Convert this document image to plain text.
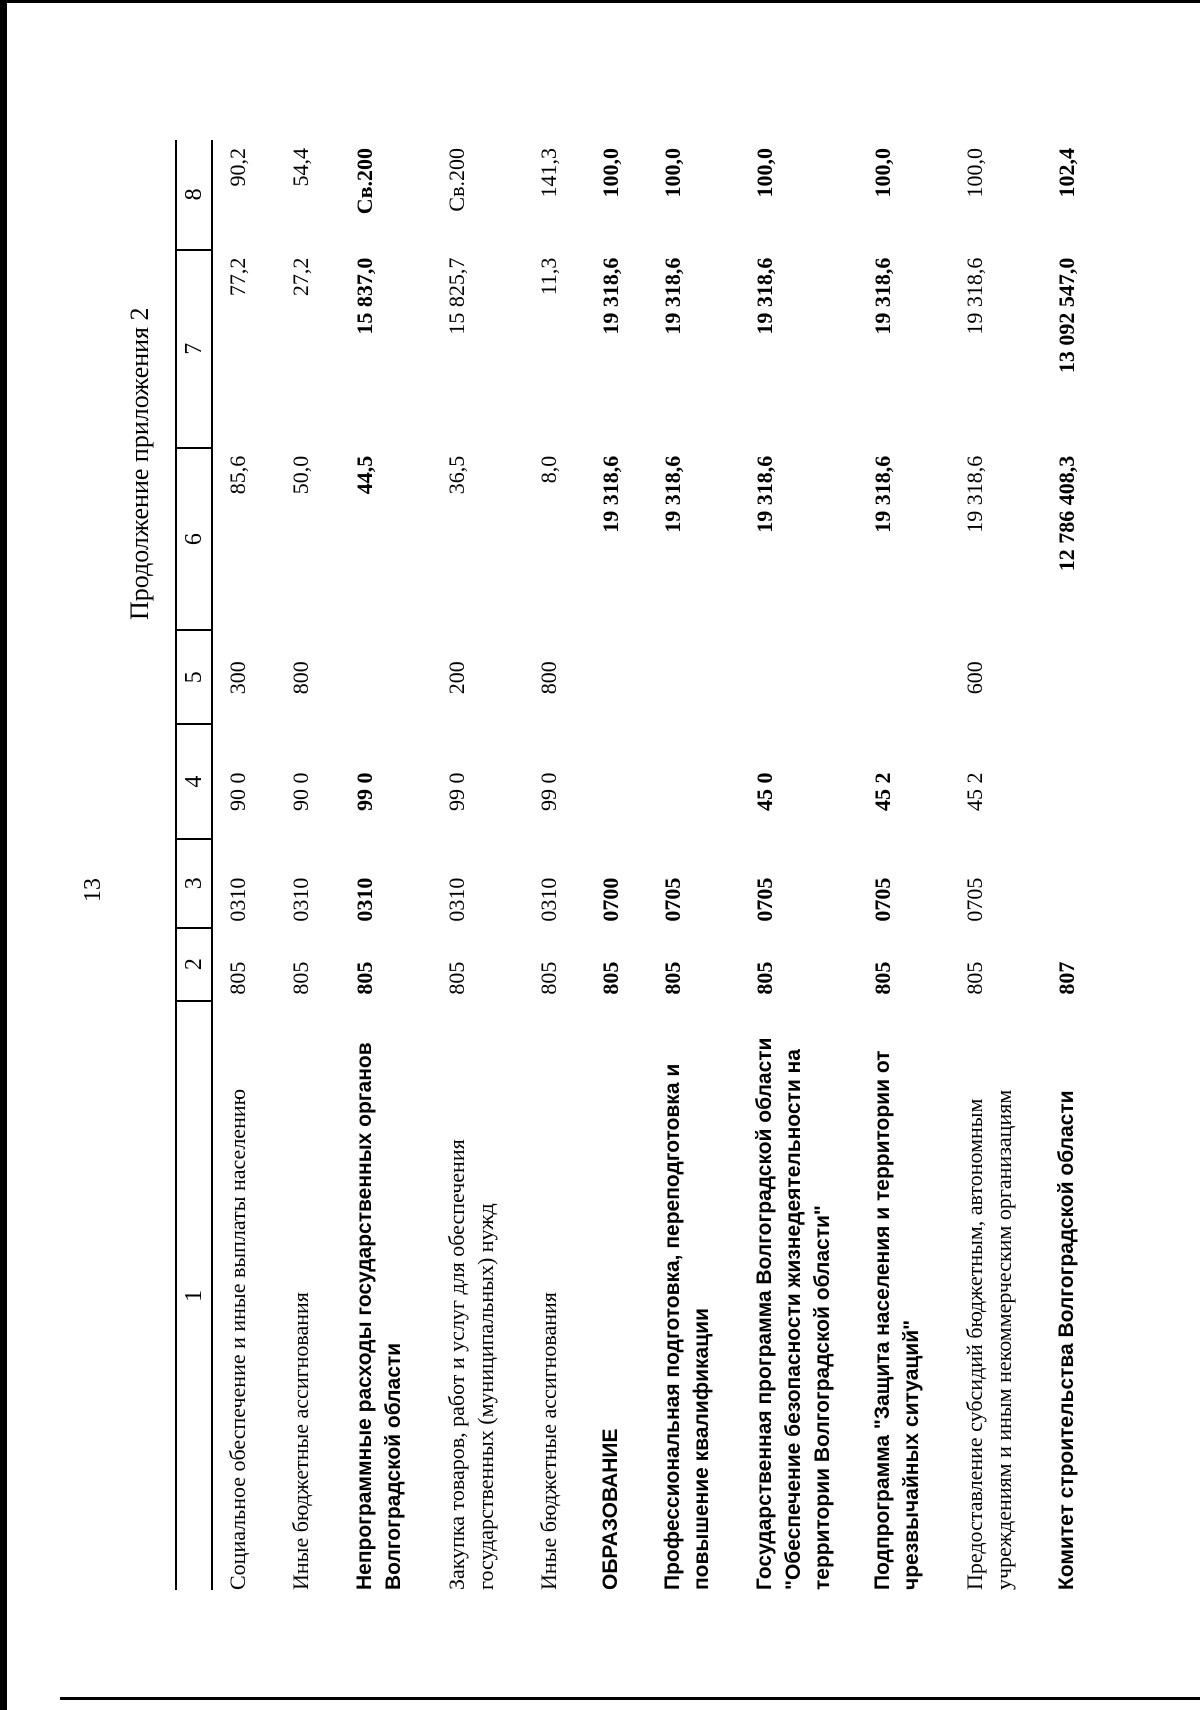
13
Продолжение приложения 2
1	2	3	4	5	6	7	8
Социальное обеспечение и иные выплаты населению	805	0310	90 0	300	85,6	77,2	90,2
Иные бюджетные ассигнования	805	0310	90 0	800	50,0	27,2	54,4
Непрограммные расходы государственных органов Волгоградской области	805	0310	99 0		44,5	15 837,0	Св.200
Закупка товаров, работ и услуг для обеспечения государственных (муниципальных) нужд	805	0310	99 0	200	36,5	15 825,7	Св.200
Иные бюджетные ассигнования	805	0310	99 0	800	8,0	11,3	141,3
ОБРАЗОВАНИЕ	805	0700			19 318,6	19 318,6	100,0
Профессиональная подготовка, переподготовка и повышение квалификации	805	0705			19 318,6	19 318,6	100,0
Государственная программа Волгоградской области "Обеспечение безопасности жизнедеятельности на территории Волгоградской области"	805	0705	45 0		19 318,6	19 318,6	100,0
Подпрограмма "Защита населения и территории от чрезвычайных ситуаций"	805	0705	45 2		19 318,6	19 318,6	100,0
Предоставление субсидий бюджетным, автономным учреждениям и иным некоммерческим организациям	805	0705	45 2	600	19 318,6	19 318,6	100,0
Комитет строительства Волгоградской области	807				12 786 408,3	13 092 547,0	102,4
